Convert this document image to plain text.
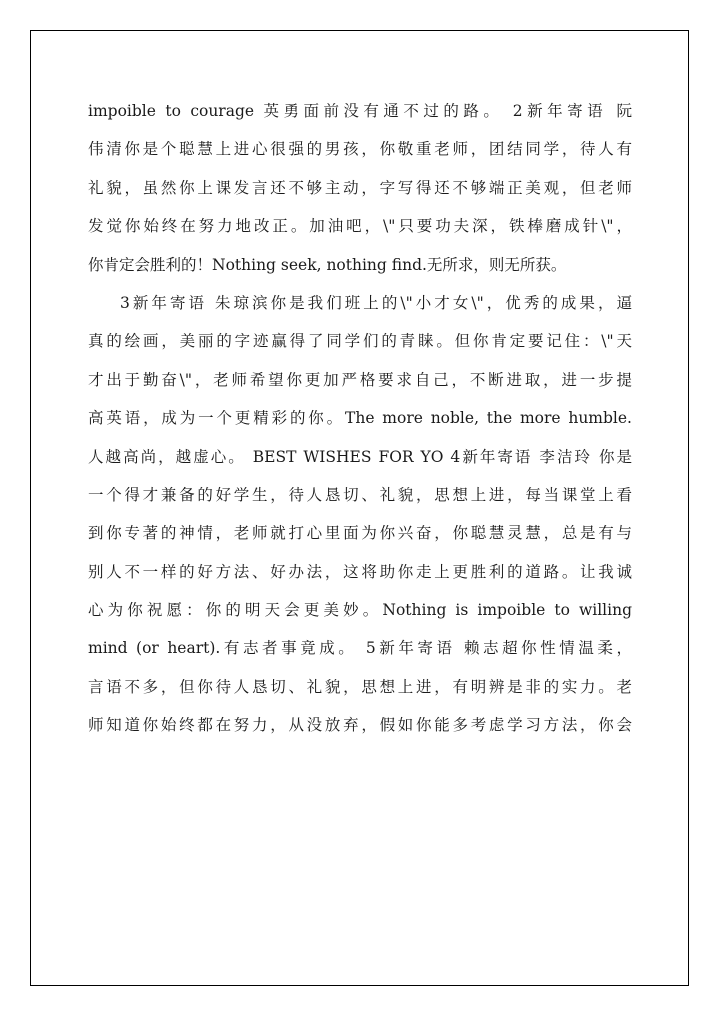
impoible to courage 英勇面前没有通不过的路。 2新年寄语 阮
伟清你是个聪慧上进心很强的男孩，你敬重老师，团结同学，待人有
礼貌，虽然你上课发言还不够主动，字写得还不够端正美观，但老师
发觉你始终在努力地改正。加油吧，\"只要功夫深，铁棒磨成针\"，
你肯定会胜利的！Nothing seek, nothing find.无所求，则无所获。
3新年寄语 朱琼滨你是我们班上的\"小才女\"，优秀的成果，逼
真的绘画，美丽的字迹赢得了同学们的青睐。但你肯定要记住：\"天
才出于勤奋\"，老师希望你更加严格要求自己，不断进取，进一步提
高英语，成为一个更精彩的你。The more noble, the more humble.
人越高尚，越虚心。 BEST WISHES FOR YO 4新年寄语 李洁玲 你是
一个得才兼备的好学生，待人恳切、礼貌，思想上进，每当课堂上看
到你专著的神情，老师就打心里面为你兴奋，你聪慧灵慧，总是有与
别人不一样的好方法、好办法，这将助你走上更胜利的道路。让我诚
心为你祝愿：你的明天会更美妙。Nothing is impoible to willing
mind (or heart).有志者事竟成。 5新年寄语 赖志超你性情温柔，
言语不多，但你待人恳切、礼貌，思想上进，有明辨是非的实力。老
师知道你始终都在努力，从没放弃，假如你能多考虑学习方法，你会
